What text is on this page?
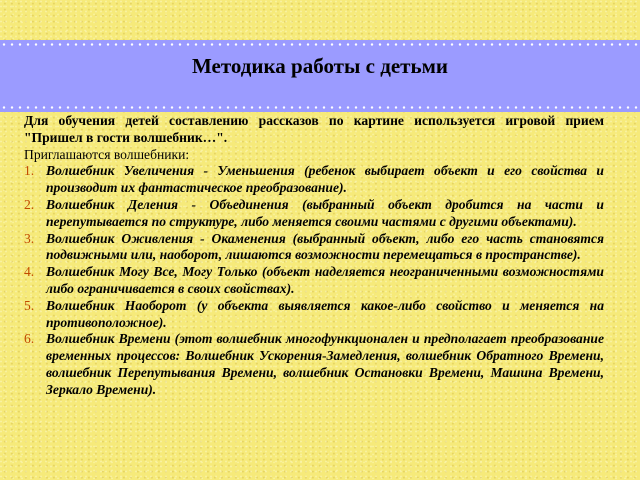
Методика работы с детьми

Для обучения детей составлению рассказов по картине используется игровой прием "Пришел в гости волшебник…".

Приглашаются волшебники:

1. Волшебник Увеличения - Уменьшения (ребенок выбирает объект и его свойства и производит их фантастическое преобразование).
2. Волшебник Деления - Объединения (выбранный объект дробится на части и перепутывается по структуре, либо меняется своими частями с другими объектами).
3. Волшебник Оживления - Окаменения (выбранный объект, либо его часть становятся подвижными или, наоборот, лишаются возможности перемещаться в пространстве).
4. Волшебник Могу Все, Могу Только (объект наделяется неограниченными возможностями либо ограничивается в своих свойствах).
5. Волшебник Наоборот (у объекта выявляется какое-либо свойство и меняется на противоположное).
6. Волшебник Времени (этот волшебник многофункционален и предполагает преобразование временных процессов: Волшебник Ускорения-Замедления, волшебник Обратного Времени, волшебник Перепутывания Времени, волшебник Остановки Времени, Машина Времени, Зеркало Времени).
